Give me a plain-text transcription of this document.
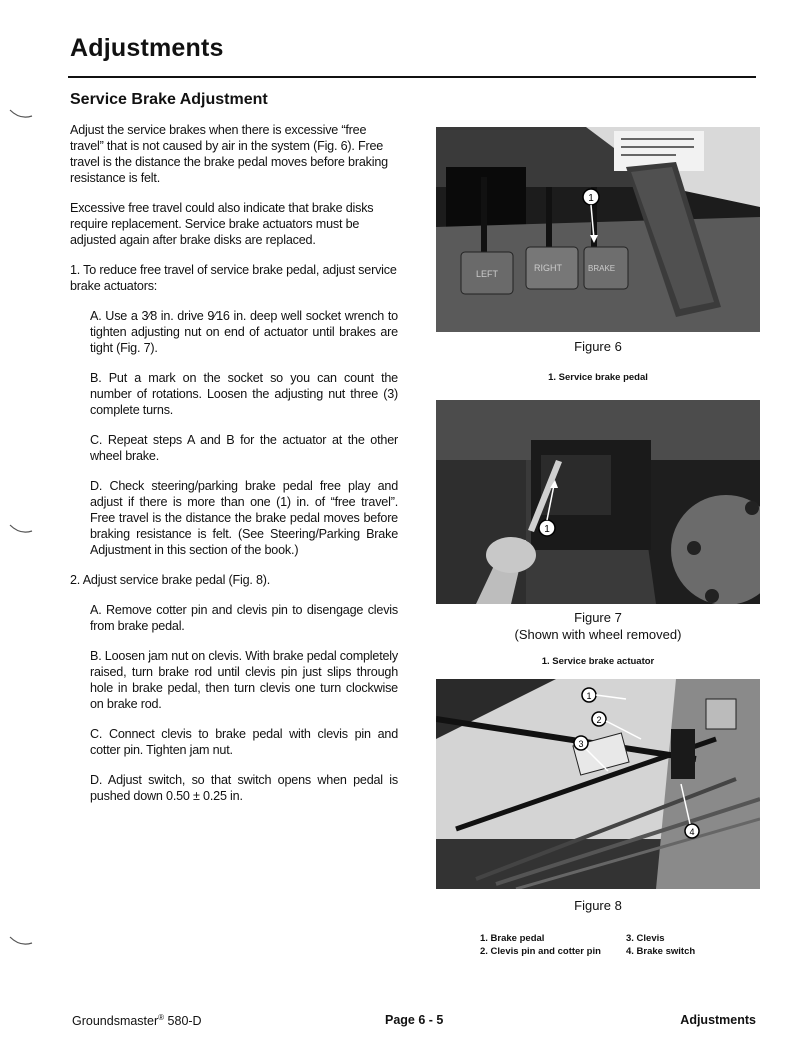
Adjustments
Service Brake Adjustment

Adjust the service brakes when there is excessive “free travel” that is not caused by air in the system (Fig. 6). Free travel is the distance the brake pedal moves before braking resistance is felt.

Excessive free travel could also indicate that brake disks require replacement. Service brake actuators must be adjusted again after brake disks are replaced.

1. To reduce free travel of service brake pedal, adjust service brake actuators:

A. Use a 3⁄8 in. drive 9⁄16 in. deep well socket wrench to tighten adjusting nut on end of actuator until brakes are tight (Fig. 7).

B. Put a mark on the socket so you can count the number of rotations. Loosen the adjusting nut three (3) complete turns.

C. Repeat steps A and B for the actuator at the other wheel brake.

D. Check steering/parking brake pedal free play and adjust if there is more than one (1) in. of “free travel”. Free travel is the distance the brake pedal moves before braking resistance is felt. (See Steering/Parking Brake Adjustment in this section of the book.)

2. Adjust service brake pedal (Fig. 8).

A. Remove cotter pin and clevis pin to disengage clevis from brake pedal.

B. Loosen jam nut on clevis. With brake pedal completely raised, turn brake rod until clevis pin just slips through hole in brake pedal, then turn clevis one turn clockwise on brake rod.

C. Connect clevis to brake pedal with clevis pin and cotter pin. Tighten jam nut.

D. Adjust switch, so that switch opens when pedal is pushed down 0.50 ± 0.25 in.

LEFT
RIGHT	BRAKE
1
Figure 6
1. Service brake pedal
1
Figure 7
(Shown with wheel removed)
1. Service brake actuator
1
2
3
4
Figure 8
1. Brake pedal	3. Clevis
2. Clevis pin and cotter pin	4. Brake switch
Groundsmaster® 580-D	Page 6 - 5	Adjustments
